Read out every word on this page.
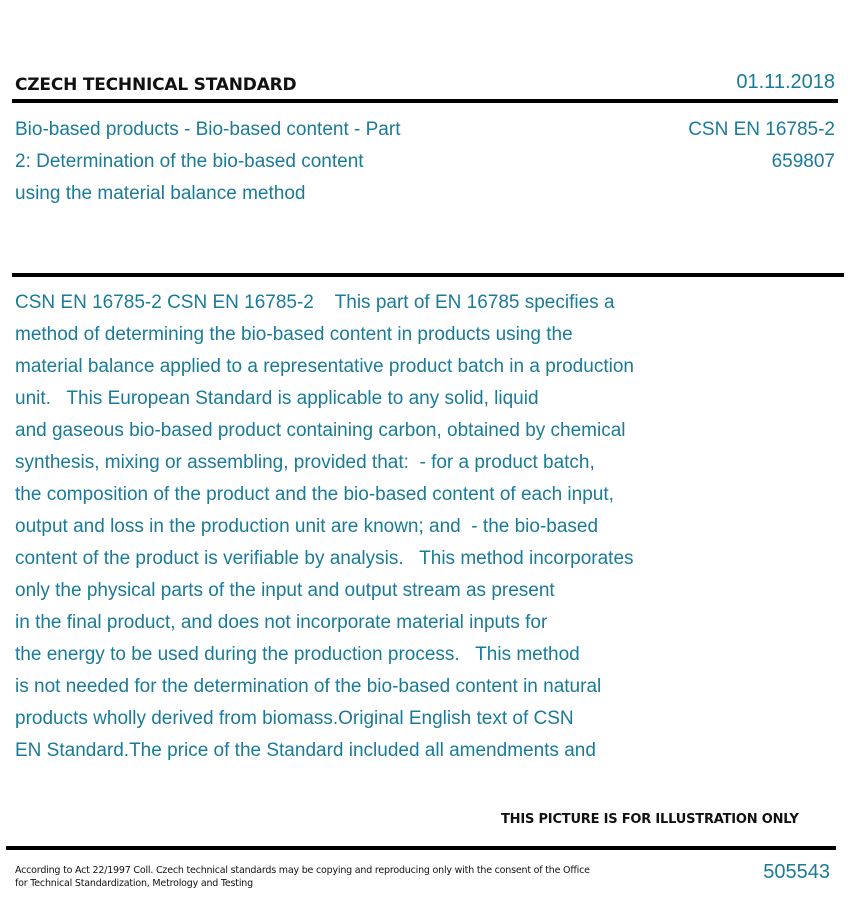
CZECH TECHNICAL STANDARD	01.11.2018
Bio-based products - Bio-based content - Part
2: Determination of the bio-based content
using the material balance method
CSN EN 16785-2
659807
CSN EN 16785-2 CSN EN 16785-2    This part of EN 16785 specifies a
method of determining the bio-based content in products using the
material balance applied to a representative product batch in a production
unit.   This European Standard is applicable to any solid, liquid
and gaseous bio-based product containing carbon, obtained by chemical
synthesis, mixing or assembling, provided that:  - for a product batch,
the composition of the product and the bio-based content of each input,
output and loss in the production unit are known; and  - the bio-based
content of the product is verifiable by analysis.   This method incorporates
only the physical parts of the input and output stream as present
in the final product, and does not incorporate material inputs for
the energy to be used during the production process.   This method
is not needed for the determination of the bio-based content in natural
products wholly derived from biomass.Original English text of CSN
EN Standard.The price of the Standard included all amendments and
THIS PICTURE IS FOR ILLUSTRATION ONLY
According to Act 22/1997 Coll. Czech technical standards may be copying and reproducing only with the consent of the Office
for Technical Standardization, Metrology and Testing
505543
